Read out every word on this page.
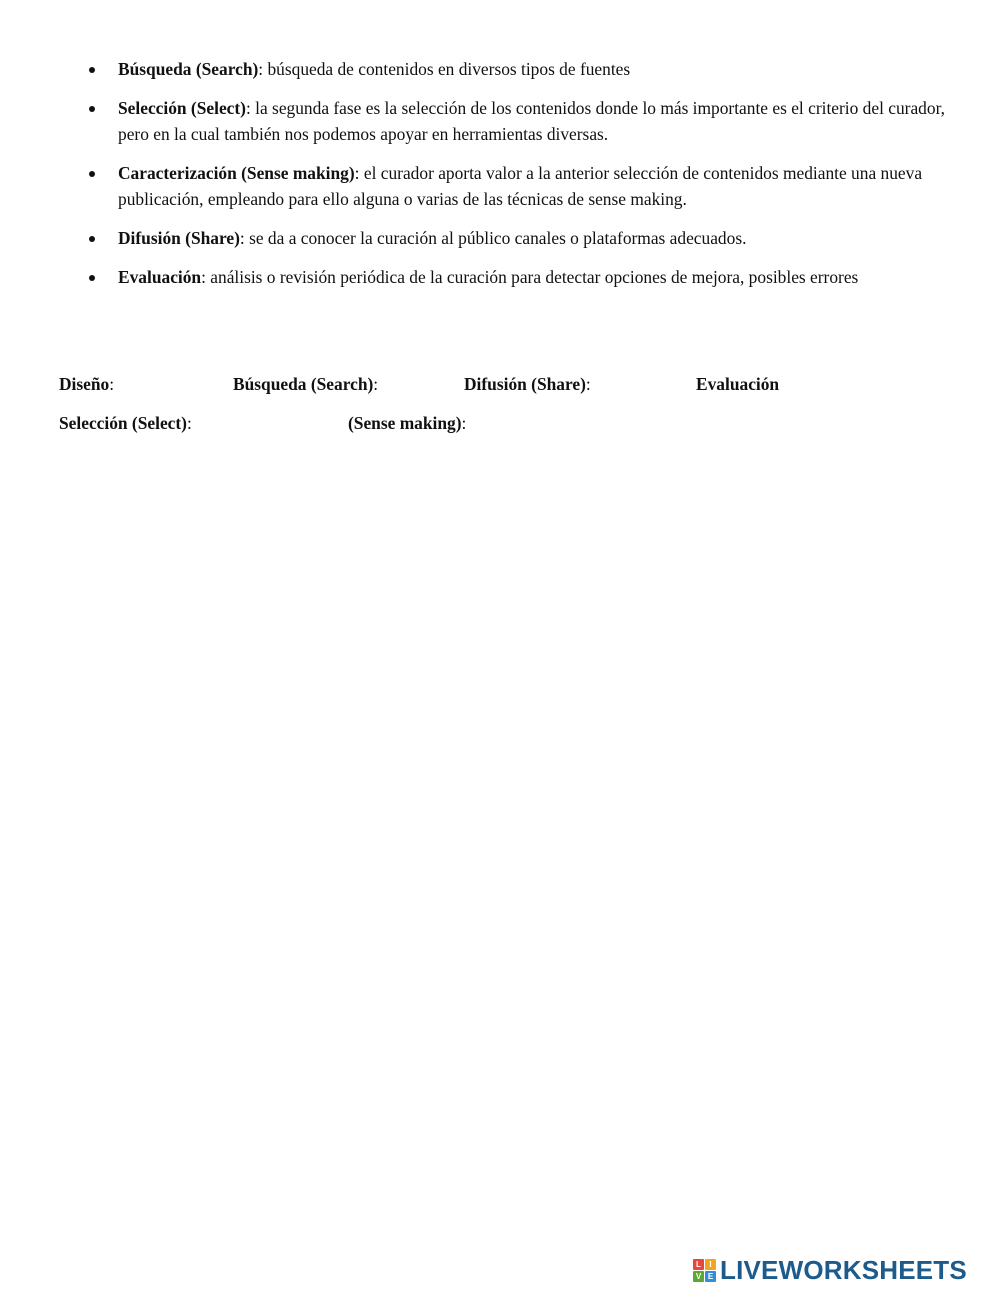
Búsqueda (Search): búsqueda de contenidos en diversos tipos de fuentes
Selección (Select): la segunda fase es la selección de los contenidos donde lo más importante es el criterio del curador, pero en la cual también nos podemos apoyar en herramientas diversas.
Caracterización (Sense making): el curador aporta valor a la anterior selección de contenidos mediante una nueva publicación, empleando para ello alguna o varias de las técnicas de sense making.
Difusión (Share): se da a conocer la curación al público canales o plataformas adecuados.
Evaluación: análisis o revisión periódica de la curación para detectar opciones de mejora, posibles errores
Diseño:	Búsqueda (Search):	Difusión (Share):	Evaluación
Selección (Select):	(Sense making):
L	I
V E LIVEWORKSHEETS
